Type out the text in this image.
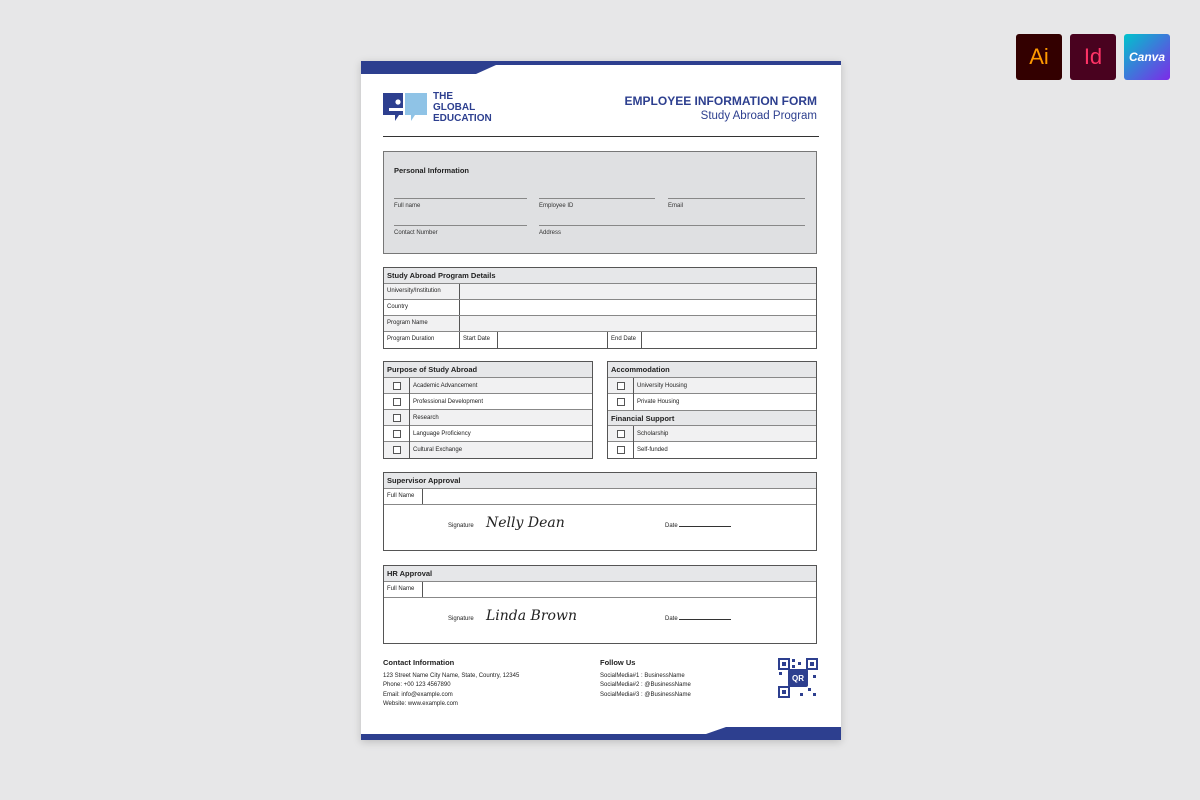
Ai Id Canva
THE
GLOBAL
EDUCATION
EMPLOYEE INFORMATION FORM
Study Abroad Program
Personal Information
Full name	Employee ID	Email
Contact Number	Address
Study Abroad Program Details
University/Institution
Country
Program Name
Program Duration	Start Date	End Date
Purpose of Study Abroad
Academic Advancement
Professional Development
Research
Language Proficiency
Cultural Exchange
Accommodation
University Housing
Private Housing
Financial Support
Scholarship
Self-funded
Supervisor Approval
Full Name
Signature Nelly Dean	Date
HR Approval
Full Name
Signature Linda Brown	Date
Contact Information
123 Street Name City Name, State, Country, 12345
Phone: +00 123 4567890
Email: info@example.com
Website: www.example.com
Follow Us
SocialMedia#1 : BusinessName
SocialMedia#2 : @BusinessName
SocialMedia#3 : @BusinessName
QR
